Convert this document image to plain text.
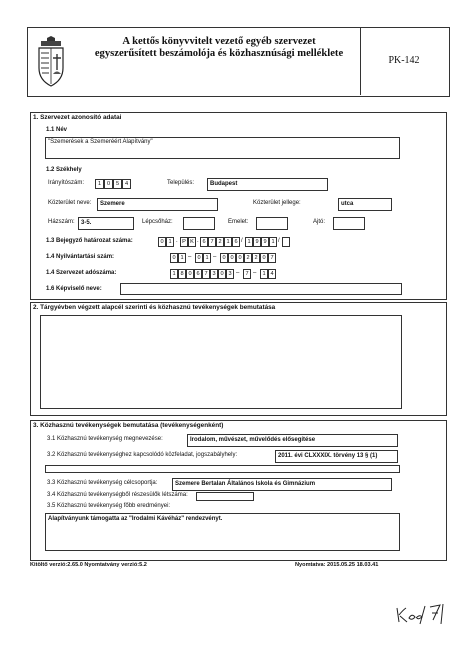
A kettős könyvvitelt vezető egyéb szervezet
egyszerűsített beszámolója és közhasznúsági melléklete
PK-142
1. Szervezet azonosító adatai
1.1 Név
"Szemerések a Szemeréért Alapítvány"
1.2 Székhely
Irányítószám:	1	0	5	4	Település:	Budapest
Közterület neve:	Szemere	Közterület jellege:	utca
Házszám:	3-5.	Lépcsőház:	Emelet:	Ajtó:
1.3 Bejegyző határozat száma:	0 1 . P K . 6 7 2 1 6 / 1 9 9 1 /
1.4 Nyilvántartási szám:	0 1 –	0 1 –	0 0 0 2 2 0 7
1.4 Szervezet adószáma:	1 8 0 6 7 3 0 3 –	7 –	1 4
1.6 Képviselő neve:
2. Tárgyévben végzett alapcél szerinti és közhasznú tevékenységek bemutatása
3. Közhasznú tevékenységek bemutatása (tevékenységenként)
3.1 Közhasznú tevékenység megnevezése:	Irodalom, művészet, művelődés elősegítése
3.2 Közhasznú tevékenységhez kapcsolódó közfeladat, jogszabályhely:	2011. évi CLXXXIX. törvény 13 § (1)
3.3 Közhasznú tevékenység célcsoportja:	Szemere Bertalan Általános Iskola és Gimnázium
3.4 Közhasznú tevékenységből részesülők létszáma:
3.5 Közhasznú tevékenység főbb eredményei:
Alapítványunk támogatta az "Irodalmi Kávéház" rendezvényt.
Kitöltő verzió:2.65.0 Nyomtatvány verzió:5.2	Nyomtatva: 2015.05.25 18.03.41
